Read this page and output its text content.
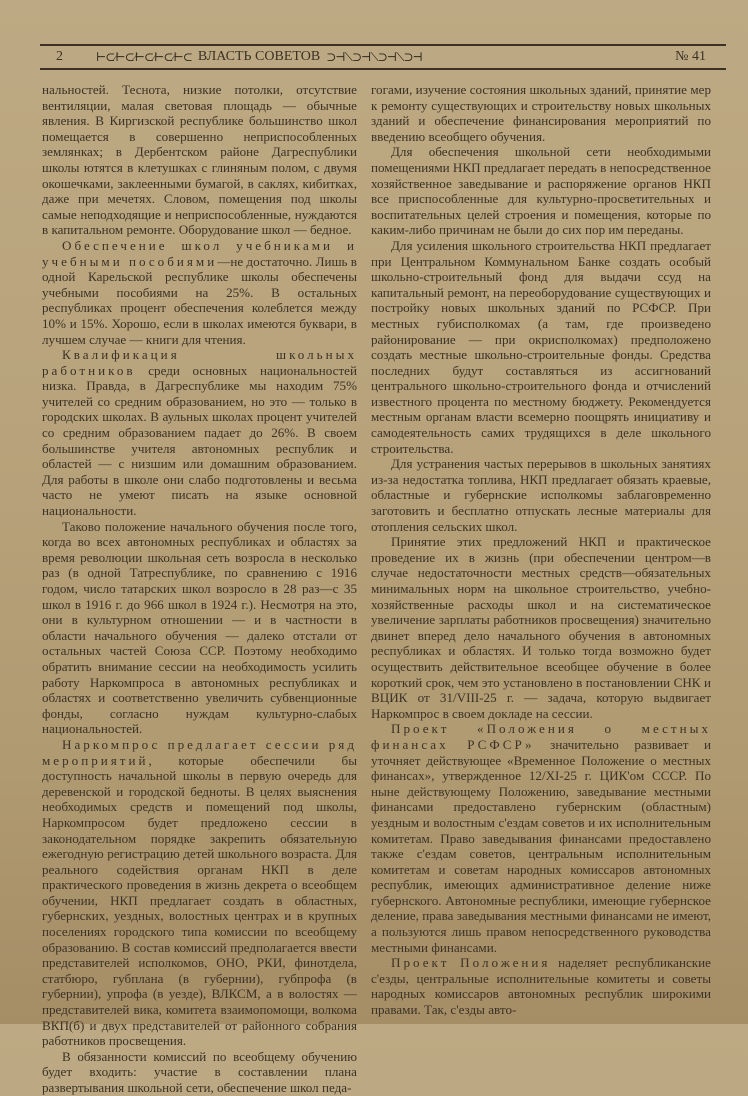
2	⊢⊂⁄⊢⊂⁄⊢⊂⁄⊢⊂⁄⊢⊂ ВЛАСТЬ СОВЕТОВ ⊃⊣⟍⊃⊣⟍⊃⊣⟍⊃⊣	№ 41

нальностей. Теснота, низкие потолки, отсутствие вентиляции, малая световая площадь — обычные явления. В Киргизской республике большинство школ помещается в совершенно неприспособленных землянках; в Дербентском районе Дагреспублики школы ютятся в клетушках с глиняным полом, с двумя окошечками, заклеенными бумагой, в саклях, кибитках, даже при мечетях. Словом, помещения под школы самые неподходящие и неприспособленные, нуждаются в капитальном ремонте. Оборудование школ — бедное.

Обеспечение школ учебниками и учебными пособиями—не достаточно. Лишь в одной Карельской республике школы обеспечены учебными пособиями на 25%. В остальных республиках процент обеспечения колеблется между 10% и 15%. Хорошо, если в школах имеются буквари, в лучшем случае — книги для чтения.

Квалификация школьных работников среди основных национальностей низка. Правда, в Дагреспублике мы находим 75% учителей со средним образованием, но это — только в городских школах. В аульных школах процент учителей со средним образованием падает до 26%. В своем большинстве учителя автономных республик и областей — с низшим или домашним образованием. Для работы в школе они слабо подготовлены и весьма часто не умеют писать на языке основной национальности.

Таково положение начального обучения после того, когда во всех автономных республиках и областях за время революции школьная сеть возросла в несколько раз (в одной Татреспублике, по сравнению с 1916 годом, число татарских школ возросло в 28 раз—с 35 школ в 1916 г. до 966 школ в 1924 г.). Несмотря на это, они в культурном отношении — и в частности в области начального обучения — далеко отстали от остальных частей Союза ССР. Поэтому необходимо обратить внимание сессии на необходимость усилить работу Наркомпроса в автономных республиках и областях и соответственно увеличить субвенционные фонды, согласно нуждам культурно-слабых национальностей.

Наркомпрос предлагает сессии ряд мероприятий, которые обеспечили бы доступность начальной школы в первую очередь для деревенской и городской бедноты. В целях выяснения необходимых средств и помещений под школы, Наркомпросом будет предложено сессии в законодательном порядке закрепить обязательную ежегодную регистрацию детей школьного возраста. Для реального содействия органам НКП в деле практического проведения в жизнь декрета о всеобщем обучении, НКП предлагает создать в областных, губернских, уездных, волостных центрах и в крупных поселениях городского типа комиссии по всеобщему образованию. В состав комиссий предполагается ввести представителей исполкомов, ОНО, РКИ, финотдела, статбюро, губплана (в губернии), губпрофа (в губернии), упрофа (в уезде), ВЛКСМ, а в волостях — представителей вика, комитета взаимопомощи, волкома ВКП(б) и двух представителей от районного собрания работников просвещения.

В обязанности комиссий по всеобщему обучению будет входить: участие в составлении плана развертывания школьной сети, обеспечение школ педа-

гогами, изучение состояния школьных зданий, принятие мер к ремонту существующих и строительству новых школьных зданий и обеспечение финансирования мероприятий по введению всеобщего обучения.

Для обеспечения школьной сети необходимыми помещениями НКП предлагает передать в непосредственное хозяйственное заведывание и распоряжение органов НКП все приспособленные для культурно-просветительных и воспитательных целей строения и помещения, которые по каким-либо причинам не были до сих пор им переданы.

Для усиления школьного строительства НКП предлагает при Центральном Коммунальном Банке создать особый школьно-строительный фонд для выдачи ссуд на капитальный ремонт, на переоборудование существующих и постройку новых школьных зданий по РСФСР. При местных губисполкомах (а там, где произведено районирование — при окрисполкомах) предположено создать местные школьно-строительные фонды. Средства последних будут составляться из ассигнований центрального школьно-строительного фонда и отчислений известного процента по местному бюджету. Рекомендуется местным органам власти всемерно поощрять инициативу и самодеятельность самих трудящихся в деле школьного строительства.

Для устранения частых перерывов в школьных занятиях из-за недостатка топлива, НКП предлагает обязать краевые, областные и губернские исполкомы заблаговременно заготовить и бесплатно отпускать лесные материалы для отопления сельских школ.

Принятие этих предложений НКП и практическое проведение их в жизнь (при обеспечении центром—в случае недостаточности местных средств—обязательных минимальных норм на школьное строительство, учебно-хозяйственные расходы школ и на систематическое увеличение зарплаты работников просвещения) значительно двинет вперед дело начального обучения в автономных республиках и областях. И только тогда возможно будет осуществить действительное всеобщее обучение в более короткий срок, чем это установлено в постановлении СНК и ВЦИК от 31/VIII-25 г. — задача, которую выдвигает Наркомпрос в своем докладе на сессии.

Проект «Положения о местных финансах РСФСР» значительно развивает и уточняет действующее «Временное Положение о местных финансах», утвержденное 12/XI-25 г. ЦИК'ом СССР. По ныне действующему Положению, заведывание местными финансами предоставлено губернским (областным) уездным и волостным с'ездам советов и их исполнительным комитетам. Право заведывания финансами предоставлено также с'ездам советов, центральным исполнительным комитетам и советам народных комиссаров автономных республик, имеющих административное деление ниже губернского. Автономные республики, имеющие губернское деление, права заведывания местными финансами не имеют, а пользуются лишь правом непосредственного руководства местными финансами.

Проект Положения наделяет республиканские с'езды, центральные исполнительные комитеты и советы народных комиссаров автономных республик широкими правами. Так, с'езды авто-
